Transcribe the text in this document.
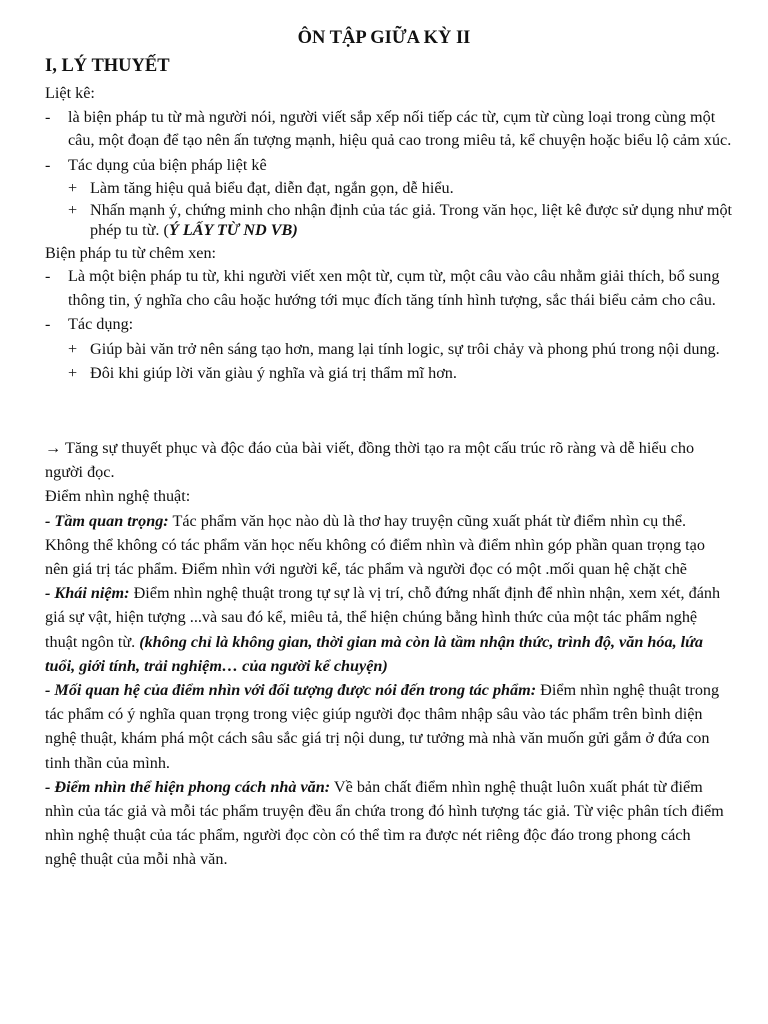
ÔN TẬP GIỮA KỲ II
I, LÝ THUYẾT
Liệt kê:
- là biện pháp tu từ mà người nói, người viết sắp xếp nối tiếp các từ, cụm từ cùng loại trong cùng một câu, một đoạn để tạo nên ấn tượng mạnh, hiệu quả cao trong miêu tả, kể chuyện hoặc biểu lộ cảm xúc.
- Tác dụng của biện pháp liệt kê
+ Làm tăng hiệu quả biểu đạt, diễn đạt, ngắn gọn, dễ hiểu.
+ Nhấn mạnh ý, chứng minh cho nhận định của tác giả. Trong văn học, liệt kê được sử dụng như một phép tu từ. (Ý LẤY TỪ ND VB)
Biện pháp tu từ chêm xen:
- Là một biện pháp tu từ, khi người viết xen một từ, cụm từ, một câu vào câu nhằm giải thích, bổ sung thông tin, ý nghĩa cho câu hoặc hướng tới mục đích tăng tính hình tượng, sắc thái biểu cảm cho câu.
- Tác dụng:
+ Giúp bài văn trở nên sáng tạo hơn, mang lại tính logic, sự trôi chảy và phong phú trong nội dung.
+ Đôi khi giúp lời văn giàu ý nghĩa và giá trị thẩm mĩ hơn.

→ Tăng sự thuyết phục và độc đáo của bài viết, đồng thời tạo ra một cấu trúc rõ ràng và dễ hiểu cho người đọc.

Điểm nhìn nghệ thuật:

- Tầm quan trọng: Tác phẩm văn học nào dù là thơ hay truyện cũng xuất phát từ điểm nhìn cụ thể. Không thể không có tác phẩm văn học nếu không có điểm nhìn và điểm nhìn góp phần quan trọng tạo nên giá trị tác phẩm. Điểm nhìn với người kể, tác phẩm và người đọc có một .mối quan hệ chặt chẽ

- Khái niệm: Điểm nhìn nghệ thuật trong tự sự là vị trí, chỗ đứng nhất định để nhìn nhận, xem xét, đánh giá sự vật, hiện tượng ...và sau đó kể, miêu tả, thể hiện chúng bằng hình thức của một tác phẩm nghệ thuật ngôn từ. (không chỉ là không gian, thời gian mà còn là tầm nhận thức, trình độ, văn hóa, lứa tuổi, giới tính, trải nghiệm… của người kể chuyện)

- Mối quan hệ của điểm nhìn với đối tượng được nói đến trong tác phẩm: Điểm nhìn nghệ thuật trong tác phẩm có ý nghĩa quan trọng trong việc giúp người đọc thâm nhập sâu vào tác phẩm trên bình diện nghệ thuật, khám phá một cách sâu sắc giá trị nội dung, tư tưởng mà nhà văn muốn gửi gắm ở đứa con tinh thần của mình.

- Điểm nhìn thể hiện phong cách nhà văn: Về bản chất điểm nhìn nghệ thuật luôn xuất phát từ điểm nhìn của tác giả và mỗi tác phẩm truyện đều ẩn chứa trong đó hình tượng tác giả. Từ việc phân tích điểm nhìn nghệ thuật của tác phẩm, người đọc còn có thể tìm ra được nét riêng độc đáo trong phong cách nghệ thuật của mỗi nhà văn.
